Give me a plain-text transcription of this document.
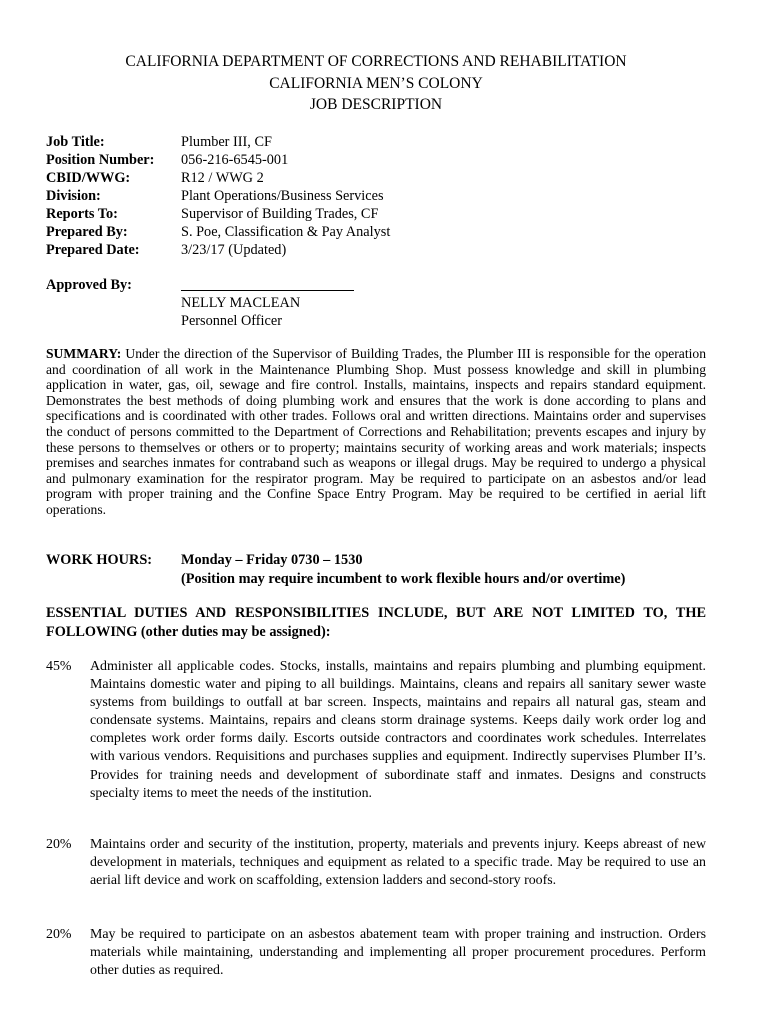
CALIFORNIA DEPARTMENT OF CORRECTIONS AND REHABILITATION
CALIFORNIA MEN’S COLONY
JOB DESCRIPTION
Job Title:	Plumber III, CF
Position Number:	056-216-6545-001
CBID/WWG:	R12 / WWG 2
Division:	Plant Operations/Business Services
Reports To:	Supervisor of Building Trades, CF
Prepared By:	S. Poe, Classification & Pay Analyst
Prepared Date:	3/23/17 (Updated)
Approved By:
NELLY MACLEAN
Personnel Officer
SUMMARY: Under the direction of the Supervisor of Building Trades, the Plumber III is responsible for the operation and coordination of all work in the Maintenance Plumbing Shop. Must possess knowledge and skill in plumbing application in water, gas, oil, sewage and fire control. Installs, maintains, inspects and repairs standard equipment. Demonstrates the best methods of doing plumbing work and ensures that the work is done according to plans and specifications and is coordinated with other trades. Follows oral and written directions. Maintains order and supervises the conduct of persons committed to the Department of Corrections and Rehabilitation; prevents escapes and injury by these persons to themselves or others or to property; maintains security of working areas and work materials; inspects premises and searches inmates for contraband such as weapons or illegal drugs. May be required to undergo a physical and pulmonary examination for the respirator program. May be required to participate on an asbestos and/or lead program with proper training and the Confine Space Entry Program. May be required to be certified in aerial lift operations.
WORK HOURS: Monday – Friday 0730 – 1530
(Position may require incumbent to work flexible hours and/or overtime)
ESSENTIAL DUTIES AND RESPONSIBILITIES INCLUDE, BUT ARE NOT LIMITED TO, THE FOLLOWING (other duties may be assigned):
45% Administer all applicable codes. Stocks, installs, maintains and repairs plumbing and plumbing equipment. Maintains domestic water and piping to all buildings. Maintains, cleans and repairs all sanitary sewer waste systems from buildings to outfall at bar screen. Inspects, maintains and repairs all natural gas, steam and condensate systems. Maintains, repairs and cleans storm drainage systems. Keeps daily work order log and completes work order forms daily. Escorts outside contractors and coordinates work schedules. Interrelates with various vendors. Requisitions and purchases supplies and equipment. Indirectly supervises Plumber II’s. Provides for training needs and development of subordinate staff and inmates. Designs and constructs specialty items to meet the needs of the institution.
20% Maintains order and security of the institution, property, materials and prevents injury. Keeps abreast of new development in materials, techniques and equipment as related to a specific trade. May be required to use an aerial lift device and work on scaffolding, extension ladders and second-story roofs.
20% May be required to participate on an asbestos abatement team with proper training and instruction. Orders materials while maintaining, understanding and implementing all proper procurement procedures. Perform other duties as required.
